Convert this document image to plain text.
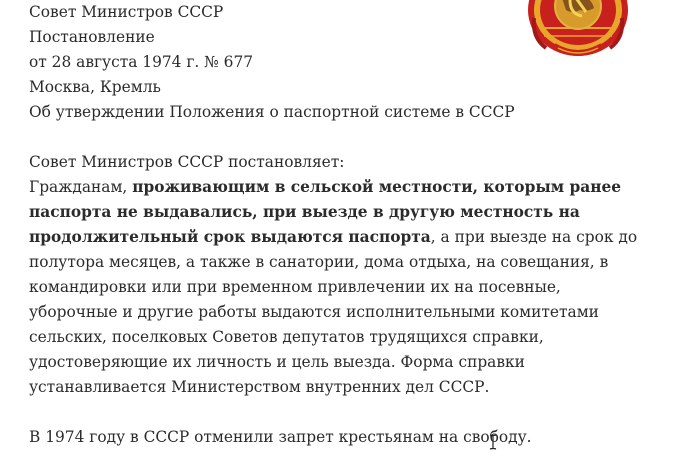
Совет Министров СССР
Постановление
от 28 августа 1974 г. № 677
Москва, Кремль
Об утверждении Положения о паспортной системе в СССР
Совет Министров СССР постановляет:
Гражданам, проживающим в сельской местности, которым ранее
паспорта не выдавались, при выезде в другую местность на
продолжительный срок выдаются паспорта, а при выезде на срок до
полутора месяцев, а также в санатории, дома отдыха, на совещания, в
командировки или при временном привлечении их на посевные,
уборочные и другие работы выдаются исполнительными комитетами
сельских, поселковых Советов депутатов трудящихся справки,
удостоверяющие их личность и цель выезда. Форма справки
устанавливается Министерством внутренних дел СССР.
В 1974 году в СССР отменили запрет крестьянам на свободу.
